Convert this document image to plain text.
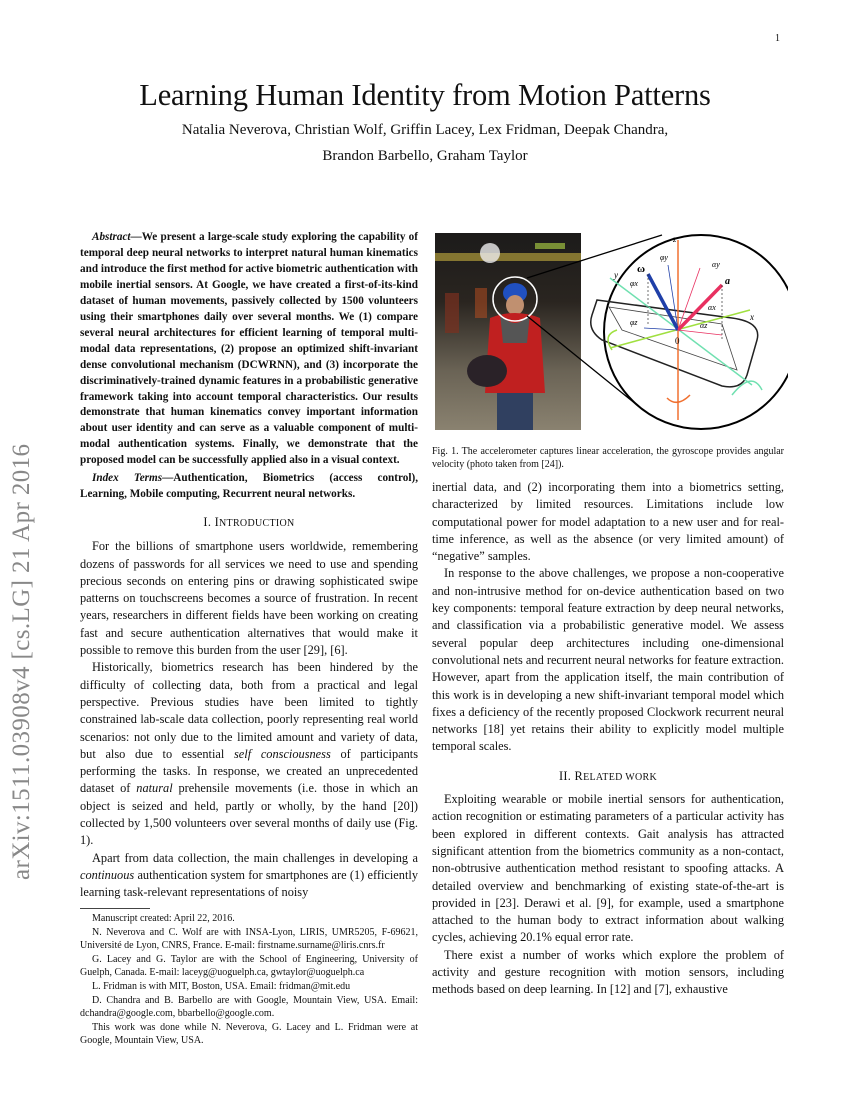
1
arXiv:1511.03908v4 [cs.LG] 21 Apr 2016
Learning Human Identity from Motion Patterns
Natalia Neverova, Christian Wolf, Griffin Lacey, Lex Fridman, Deepak Chandra,
Brandon Barbello, Graham Taylor

Abstract—We present a large-scale study exploring the capability of temporal deep neural networks to interpret natural human kinematics and introduce the first method for active biometric authentication with mobile inertial sensors. At Google, we have created a first-of-its-kind dataset of human movements, passively collected by 1500 volunteers using their smartphones daily over several months. We (1) compare several neural architectures for efficient learning of temporal multi-modal data representations, (2) propose an optimized shift-invariant dense convolutional mechanism (DCWRNN), and (3) incorporate the discriminatively-trained dynamic features in a probabilistic generative framework taking into account temporal characteristics. Our results demonstrate that human kinematics convey important information about user identity and can serve as a valuable component of multi-modal authentication systems. Finally, we demonstrate that the proposed model can be successfully applied also in a visual context.

Index Terms—Authentication, Biometrics (access control), Learning, Mobile computing, Recurrent neural networks.

I. INTRODUCTION

For the billions of smartphone users worldwide, remembering dozens of passwords for all services we need to use and spending precious seconds on entering pins or drawing sophisticated swipe patterns on touchscreens becomes a source of frustration. In recent years, researchers in different fields have been working on creating fast and secure authentication alternatives that would make it possible to remove this burden from the user [29], [6].

Historically, biometrics research has been hindered by the difficulty of collecting data, both from a practical and legal perspective. Previous studies have been limited to tightly constrained lab-scale data collection, poorly representing real world scenarios: not only due to the limited amount and variety of data, but also due to essential self consciousness of participants performing the tasks. In response, we created an unprecedented dataset of natural prehensile movements (i.e. those in which an object is seized and held, partly or wholly, by the hand [20]) collected by 1,500 volunteers over several months of daily use (Fig. 1).

Apart from data collection, the main challenges in developing a continuous authentication system for smartphones are (1) efficiently learning task-relevant representations of noisy

Manuscript created: April 22, 2016.

N. Neverova and C. Wolf are with INSA-Lyon, LIRIS, UMR5205, F-69621, Université de Lyon, CNRS, France. E-mail: firstname.surname@liris.cnrs.fr

G. Lacey and G. Taylor are with the School of Engineering, University of Guelph, Canada. E-mail: laceyg@uoguelph.ca, gwtaylor@uoguelph.ca

L. Fridman is with MIT, Boston, USA. Email: fridman@mit.edu

D. Chandra and B. Barbello are with Google, Mountain View, USA. Email: dchandra@google.com, bbarbello@google.com.

This work was done while N. Neverova, G. Lacey and L. Fridman were at Google, Mountain View, USA.

z
y
x
0
ω
a
φy
φx
φz
αy
αx
αz
Fig. 1. The accelerometer captures linear acceleration, the gyroscope provides angular velocity (photo taken from [24]).

inertial data, and (2) incorporating them into a biometrics setting, characterized by limited resources. Limitations include low computational power for model adaptation to a new user and for real-time inference, as well as the absence (or very limited amount) of “negative” samples.

In response to the above challenges, we propose a non-cooperative and non-intrusive method for on-device authentication based on two key components: temporal feature extraction by deep neural networks, and classification via a probabilistic generative model. We assess several popular deep architectures including one-dimensional convolutional nets and recurrent neural networks for feature extraction. However, apart from the application itself, the main contribution of this work is in developing a new shift-invariant temporal model which fixes a deficiency of the recently proposed Clockwork recurrent neural networks [18] yet retains their ability to explicitly model multiple temporal scales.

II. RELATED WORK

Exploiting wearable or mobile inertial sensors for authentication, action recognition or estimating parameters of a particular activity has been explored in different contexts. Gait analysis has attracted significant attention from the biometrics community as a non-contact, non-obtrusive authentication method resistant to spoofing attacks. A detailed overview and benchmarking of existing state-of-the-art is provided in [23]. Derawi et al. [9], for example, used a smartphone attached to the human body to extract information about walking cycles, achieving 20.1% equal error rate.

There exist a number of works which explore the problem of activity and gesture recognition with motion sensors, including methods based on deep learning. In [12] and [7], exhaustive
